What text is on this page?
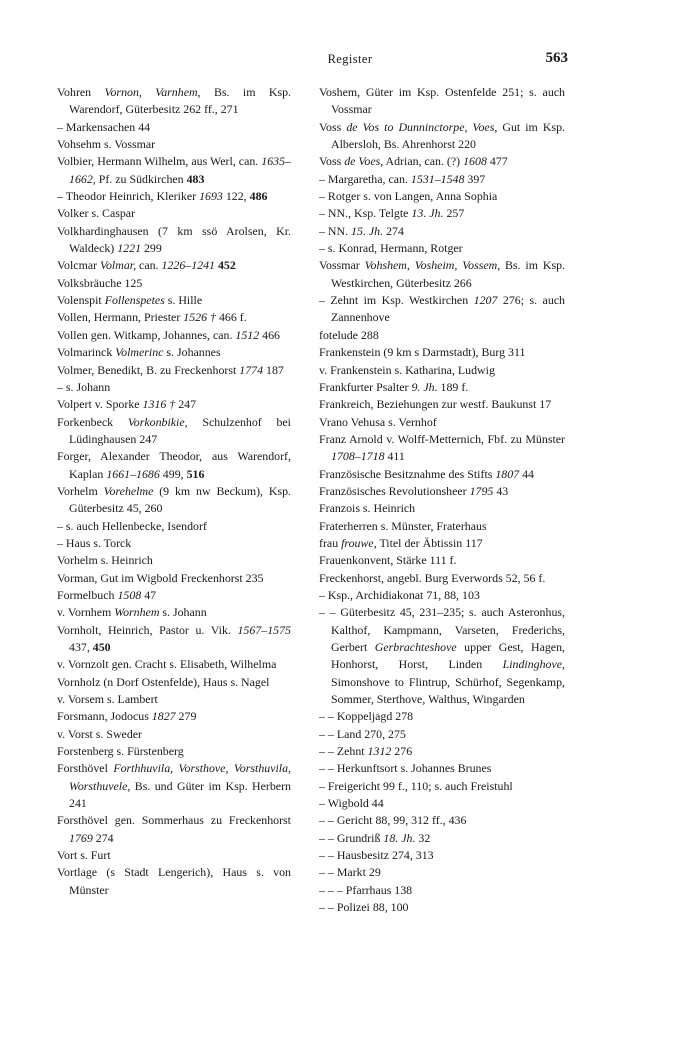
Register	563
Vohren Vornon, Varnhem, Bs. im Ksp. Warendorf, Güterbesitz 262 ff., 271
– Markensachen 44
Vohsehm s. Vossmar
Volbier, Hermann Wilhelm, aus Werl, can. 1635–1662, Pf. zu Südkirchen 483
– Theodor Heinrich, Kleriker 1693 122, 486
Volker s. Caspar
Volkhardinghausen (7 km ssö Arolsen, Kr. Waldeck) 1221 299
Volcmar Volmar, can. 1226–1241 452
Volksbräuche 125
Volenspit Follenspetes s. Hille
Vollen, Hermann, Priester 1526 † 466 f.
Vollen gen. Witkamp, Johannes, can. 1512 466
Volmarinck Volmerinc s. Johannes
Volmer, Benedikt, B. zu Freckenhorst 1774 187
– s. Johann
Volpert v. Sporke 1316 † 247
Forkenbeck Vorkonbikie, Schulzenhof bei Lüdinghausen 247
Forger, Alexander Theodor, aus Warendorf, Kaplan 1661–1686 499, 516
Vorhelm Vorehelme (9 km nw Beckum), Ksp. Güterbesitz 45, 260
– s. auch Hellenbecke, Isendorf
– Haus s. Torck
Vorhelm s. Heinrich
Vorman, Gut im Wigbold Freckenhorst 235
Formelbuch 1508 47
v. Vornhem Wornhem s. Johann
Vornholt, Heinrich, Pastor u. Vik. 1567–1575 437, 450
v. Vornzolt gen. Cracht s. Elisabeth, Wilhelma
Vornholz (n Dorf Ostenfelde), Haus s. Nagel
v. Vorsem s. Lambert
Forsmann, Jodocus 1827 279
v. Vorst s. Sweder
Forstenberg s. Fürstenberg
Forsthövel Forthhuvila, Vorsthove, Vorsthuvila, Worsthuvele, Bs. und Güter im Ksp. Herbern 241
Forsthövel gen. Sommerhaus zu Freckenhorst 1769 274
Vort s. Furt
Vortlage (s Stadt Lengerich), Haus s. von Münster
Voshem, Güter im Ksp. Ostenfelde 251; s. auch Vossmar
Voss de Vos to Dunninctorpe, Voes, Gut im Ksp. Albersloh, Bs. Ahrenhorst 220
Voss de Voes, Adrian, can. (?) 1608 477
– Margaretha, can. 1531–1548 397
– Rotger s. von Langen, Anna Sophia
– NN., Ksp. Telgte 13. Jh. 257
– NN. 15. Jh. 274
– s. Konrad, Hermann, Rotger
Vossmar Vohshem, Vosheim, Vossem, Bs. im Ksp. Westkirchen, Güterbesitz 266
– Zehnt im Ksp. Westkirchen 1207 276; s. auch Zannenhove
fotelude 288
Frankenstein (9 km s Darmstadt), Burg 311
v. Frankenstein s. Katharina, Ludwig
Frankfurter Psalter 9. Jh. 189 f.
Frankreich, Beziehungen zur westf. Baukunst 17
Vrano Vehusa s. Vernhof
Franz Arnold v. Wolff-Metternich, Fbf. zu Münster 1708–1718 411
Französische Besitznahme des Stifts 1807 44
Französisches Revolutionsheer 1795 43
Franzois s. Heinrich
Fraterherren s. Münster, Fraterhaus
frau frouwe, Titel der Äbtissin 117
Frauenkonvent, Stärke 111 f.
Freckenhorst, angebl. Burg Everwords 52, 56 f.
– Ksp., Archidiakonat 71, 88, 103
– – Güterbesitz 45, 231–235; s. auch Asteronhus, Kalthof, Kampmann, Varseten, Frederichs, Gerbert Gerbrachteshove upper Gest, Hagen, Honhorst, Horst, Linden Lindinghove, Simonshove to Flintrup, Schürhof, Segenkamp, Sommer, Sterthove, Walthus, Wingarden
– – Koppeljagd 278
– – Land 270, 275
– – Zehnt 1312 276
– – Herkunftsort s. Johannes Brunes
– Freigericht 99 f., 110; s. auch Freistuhl
– Wigbold 44
– – Gericht 88, 99, 312 ff., 436
– – Grundriß 18. Jh. 32
– – Hausbesitz 274, 313
– – Markt 29
– – – Pfarrhaus 138
– – Polizei 88, 100
